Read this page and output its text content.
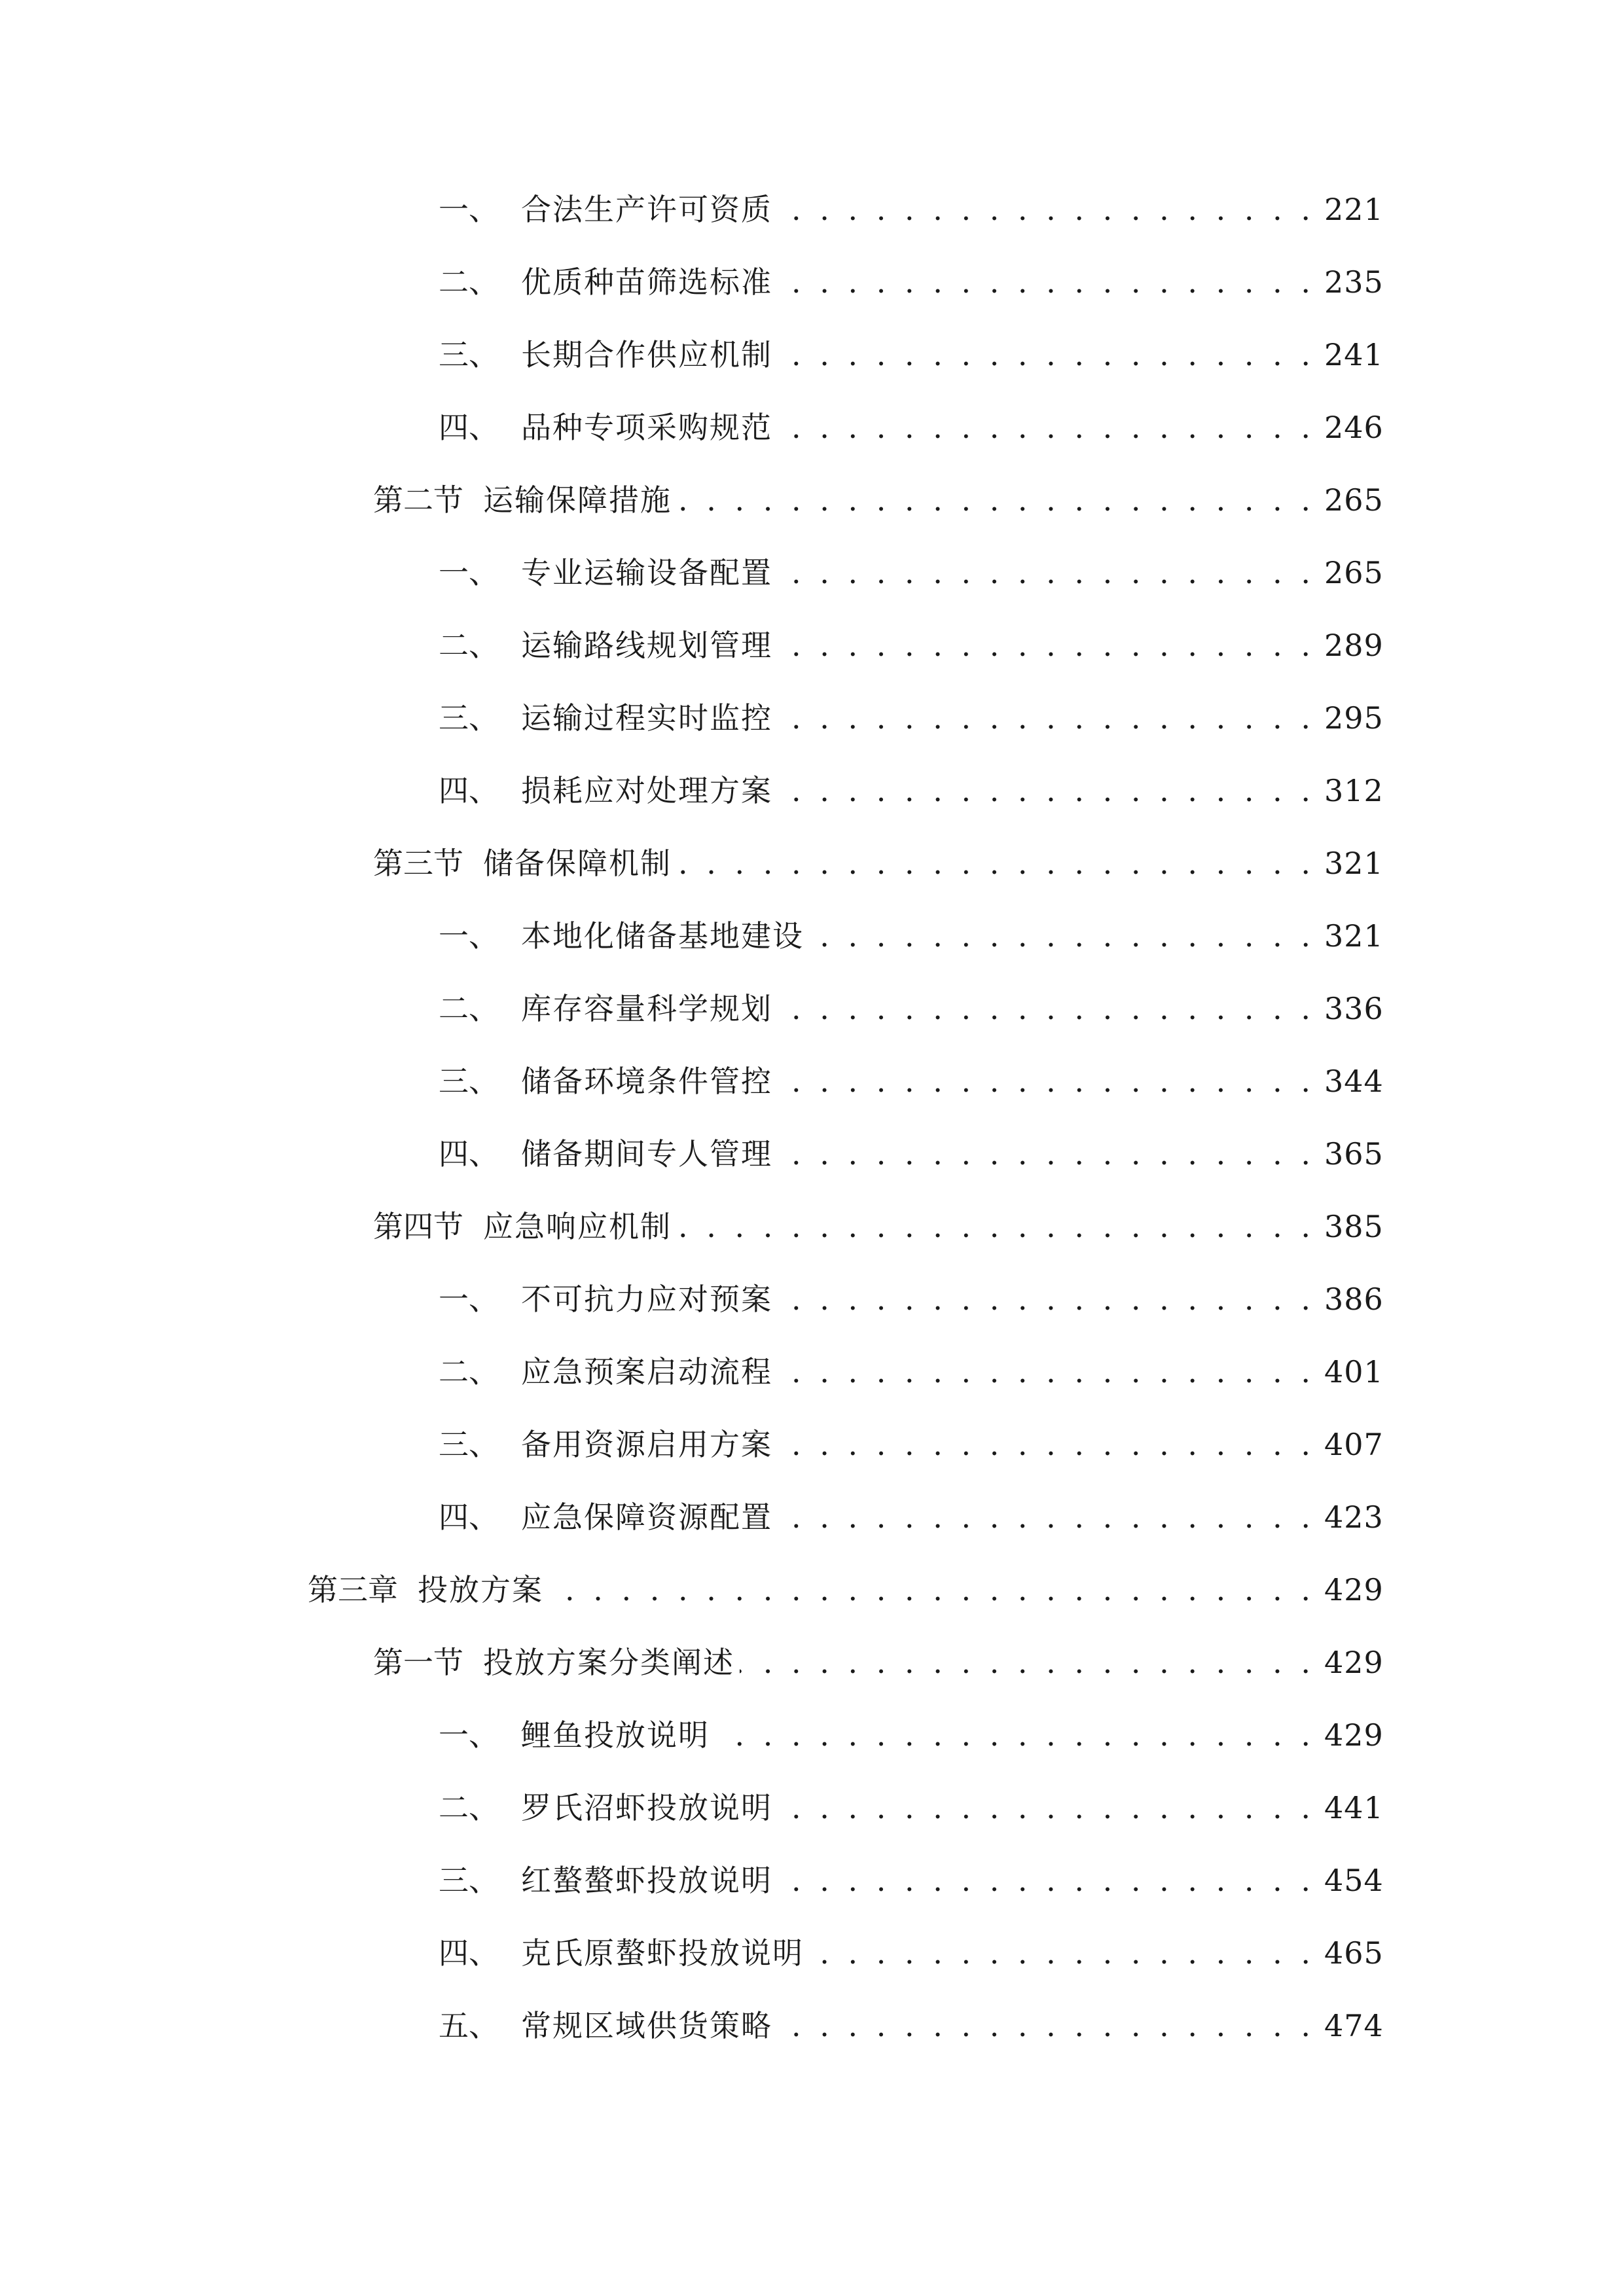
一、 合法生产许可资质 . . .	221
二、 优质种苗筛选标准 . . .	235
三、 长期合作供应机制 . . .	241
四、 品种专项采购规范 . . .	246
第二节 运输保障措施 . . .	265
一、 专业运输设备配置 . . .	265
二、 运输路线规划管理 . . .	289
三、 运输过程实时监控 . . .	295
四、 损耗应对处理方案 . . .	312
第三节 储备保障机制 . . .	321
一、 本地化储备基地建设 . . .	321
二、 库存容量科学规划 . . .	336
三、 储备环境条件管控 . . .	344
四、 储备期间专人管理 . . .	365
第四节 应急响应机制 . . .	385
一、 不可抗力应对预案 . . .	386
二、 应急预案启动流程 . . .	401
三、 备用资源启用方案 . . .	407
四、 应急保障资源配置 . . .	423
第三章 投放方案 . . .	429
第一节 投放方案分类阐述 . . .	429
一、 鲤鱼投放说明 . . .	429
二、 罗氏沼虾投放说明 . . .	441
三、 红螯螯虾投放说明 . . .	454
四、 克氏原螯虾投放说明 . . .	465
五、 常规区域供货策略 . . .	474
